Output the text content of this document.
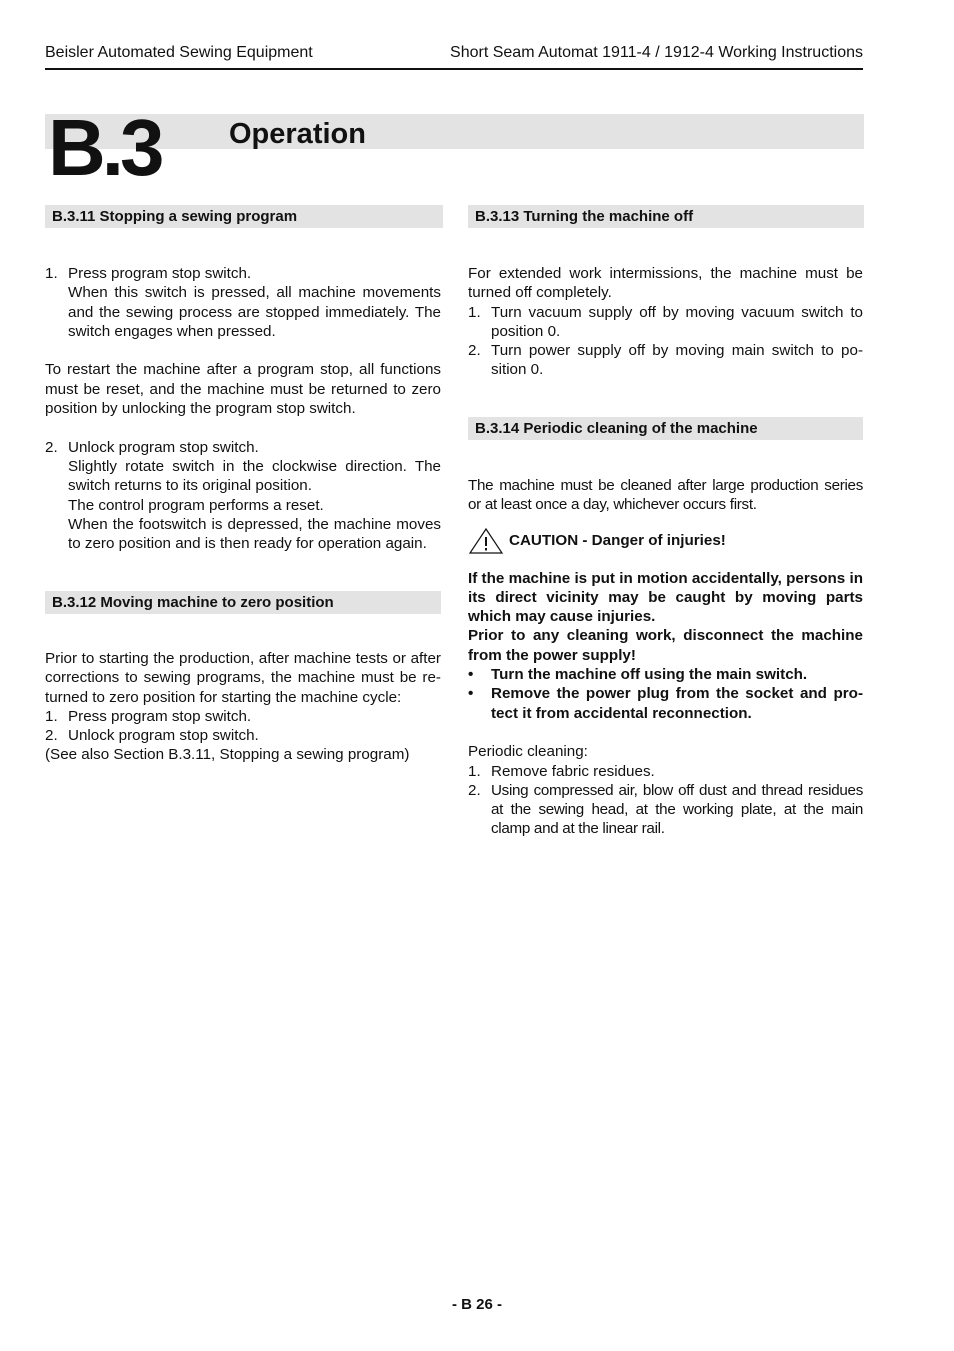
Beisler Automated Sewing Equipment	Short Seam Automat 1911-4 / 1912-4 Working Instructions
B.3 Operation
B.3.11 Stopping a sewing program
1. Press program stop switch.

When this switch is pressed, all machine movements and the sewing process are stopped immediately. The switch engages when pressed.

To restart the machine after a program stop, all functions must be reset, and the machine must be returned to zero position by unlocking the program stop switch.

2. Unlock program stop switch.

Slightly rotate switch in the clockwise direction. The switch returns to its original position.

The control program performs a reset.

When the footswitch is depressed, the machine moves to zero position and is then ready for operation again.

B.3.12 Moving machine to zero position

Prior to starting the production, after machine tests or after corrections to sewing programs, the machine must be re-turned to zero position for starting the machine cycle:

1. Press program stop switch.

2. Unlock program stop switch.

(See also Section B.3.11, Stopping a sewing program)

B.3.13 Turning the machine off

For extended work intermissions, the machine must be turned off completely.

1. Turn vacuum supply off by moving vacuum switch to position 0.

2. Turn power supply off by moving main switch to po-sition 0.

B.3.14 Periodic cleaning of the machine

The machine must be cleaned after large production series or at least once a day, whichever occurs first.

CAUTION - Danger of injuries!

If the machine is put in motion accidentally, persons in its direct vicinity may be caught by moving parts which may cause injuries.

Prior to any cleaning work, disconnect the machine from the power supply!

• Turn the machine off using the main switch.

• Remove the power plug from the socket and pro-tect it from accidental reconnection.

Periodic cleaning:

1. Remove fabric residues.

2. Using compressed air, blow off dust and thread residues at the sewing head, at the working plate, at the main clamp and at the linear rail.

- B 26 -
